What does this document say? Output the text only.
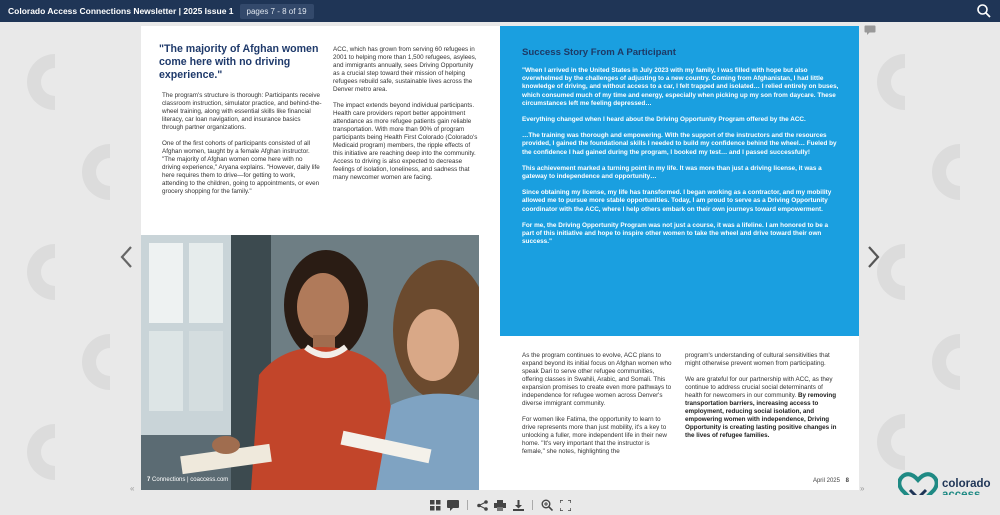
Colorado Access Connections Newsletter | 2025 Issue 1	pages 7 - 8 of 19
"The majority of Afghan women come here with no driving experience."

The program's structure is thorough: Participants receive classroom instruction, simulator practice, and behind-the-wheel training, along with essential skills like financial literacy, car loan navigation, and insurance basics through partner organizations.

One of the first cohorts of participants consisted of all Afghan women, taught by a female Afghan instructor. "The majority of Afghan women come here with no driving experience," Aryana explains. "However, daily life here requires them to drive—for getting to work, attending to the children, going to appointments, or even grocery shopping for the family."

ACC, which has grown from serving 60 refugees in 2001 to helping more than 1,500 refugees, asylees, and immigrants annually, sees Driving Opportunity as a crucial step toward their mission of helping refugees rebuild safe, sustainable lives across the Denver metro area.

The impact extends beyond individual participants. Health care providers report better appointment attendance as more refugee patients gain reliable transportation. With more than 90% of program participants being Health First Colorado (Colorado's Medicaid program) members, the ripple effects of this initiative are reaching deep into the community. Access to driving is also expected to decrease feelings of isolation, loneliness, and sadness that many newcomer women are facing.

7 Connections | coaccess.com
Success Story From A Participant

"When I arrived in the United States in July 2023 with my family, I was filled with hope but also overwhelmed by the challenges of adjusting to a new country. Coming from Afghanistan, I had little knowledge of driving, and without access to a car, I felt trapped and isolated… I relied entirely on buses, which consumed much of my time and energy, especially when picking up my son from daycare. These circumstances left me feeling depressed…

Everything changed when I heard about the Driving Opportunity Program offered by the ACC.

…The training was thorough and empowering. With the support of the instructors and the resources provided, I gained the foundational skills I needed to build my confidence behind the wheel… Fueled by the confidence I had gained during the program, I booked my test… and I passed successfully!

This achievement marked a turning point in my life. It was more than just a driving license, it was a gateway to independence and opportunity…

Since obtaining my license, my life has transformed. I began working as a contractor, and my mobility allowed me to pursue more stable opportunities. Today, I am proud to serve as a Driving Opportunity coordinator with the ACC, where I help others embark on their own journeys toward empowerment.

For me, the Driving Opportunity Program was not just a course, it was a lifeline. I am honored to be a part of this initiative and hope to inspire other women to take the wheel and drive toward their own success."

As the program continues to evolve, ACC plans to expand beyond its initial focus on Afghan women who speak Dari to serve other refugee communities, offering classes in Swahili, Arabic, and Somali. This expansion promises to create even more pathways to independence for refugee women across Denver's diverse immigrant community.

For women like Fatima, the opportunity to learn to drive represents more than just mobility, it's a key to unlocking a fuller, more independent life in their new home. "It's very important that the instructor is female," she notes, highlighting the

program's understanding of cultural sensitivities that might otherwise prevent women from participating.

We are grateful for our partnership with ACC, as they continue to address crucial social determinants of health for newcomers in our community. By removing transportation barriers, increasing access to employment, reducing social isolation, and empowering women with independence, Driving Opportunity is creating lasting positive changes in the lives of refugee families.

April 2025 8
«	»	colorado
